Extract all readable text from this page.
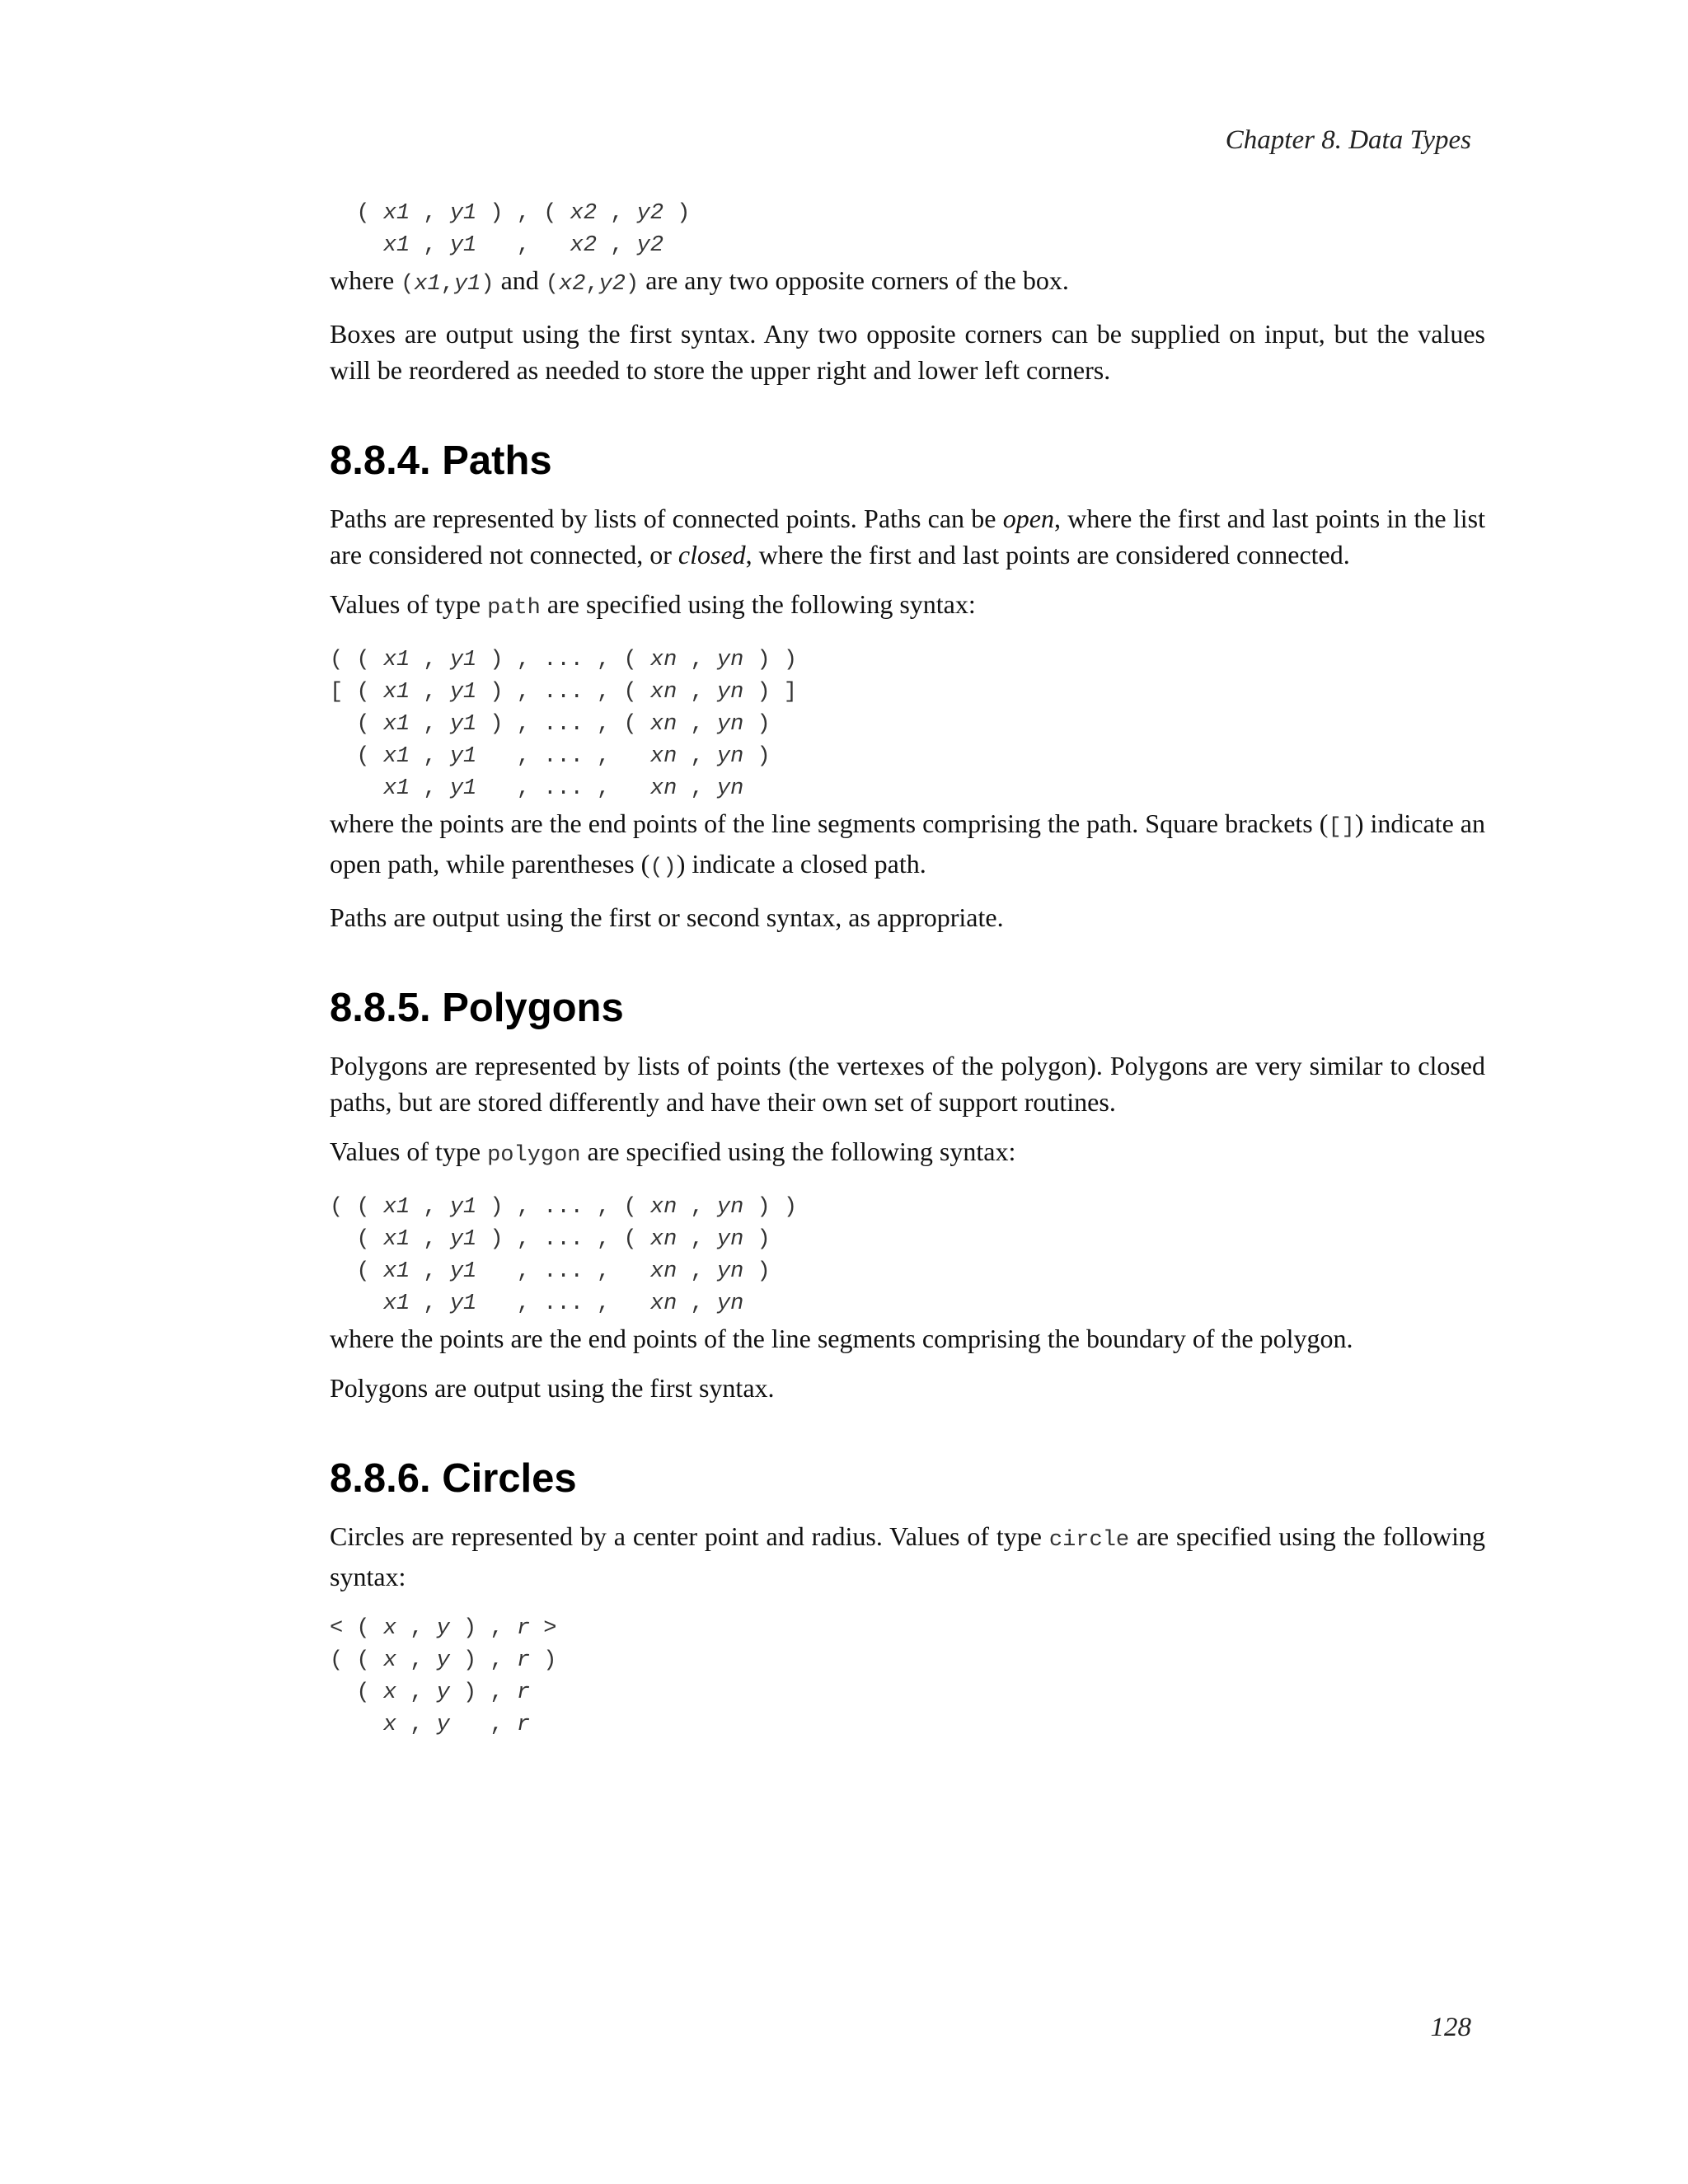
Chapter 8. Data Types
( x1 , y1 ) , ( x2 , y2 )
x1 , y1   ,   x2 , y2

where (x1,y1) and (x2,y2) are any two opposite corners of the box.

Boxes are output using the first syntax. Any two opposite corners can be supplied on input, but the values will be reordered as needed to store the upper right and lower left corners.

8.8.4. Paths

Paths are represented by lists of connected points. Paths can be open, where the first and last points in the list are considered not connected, or closed, where the first and last points are considered connected.

Values of type path are specified using the following syntax:

( ( x1 , y1 ) , ... , ( xn , yn ) )
[ ( x1 , y1 ) , ... , ( xn , yn ) ]
( x1 , y1 ) , ... , ( xn , yn )
( x1 , y1   , ... ,   xn , yn )
x1 , y1   , ... ,   xn , yn

where the points are the end points of the line segments comprising the path. Square brackets ([]) indicate an open path, while parentheses (()) indicate a closed path.

Paths are output using the first or second syntax, as appropriate.

8.8.5. Polygons

Polygons are represented by lists of points (the vertexes of the polygon). Polygons are very similar to closed paths, but are stored differently and have their own set of support routines.

Values of type polygon are specified using the following syntax:

( ( x1 , y1 ) , ... , ( xn , yn ) )
( x1 , y1 ) , ... , ( xn , yn )
( x1 , y1   , ... ,   xn , yn )
x1 , y1   , ... ,   xn , yn

where the points are the end points of the line segments comprising the boundary of the polygon.

Polygons are output using the first syntax.

8.8.6. Circles

Circles are represented by a center point and radius. Values of type circle are specified using the following syntax:

< ( x , y ) , r >
( ( x , y ) , r )
( x , y ) , r
x , y   , r
128
